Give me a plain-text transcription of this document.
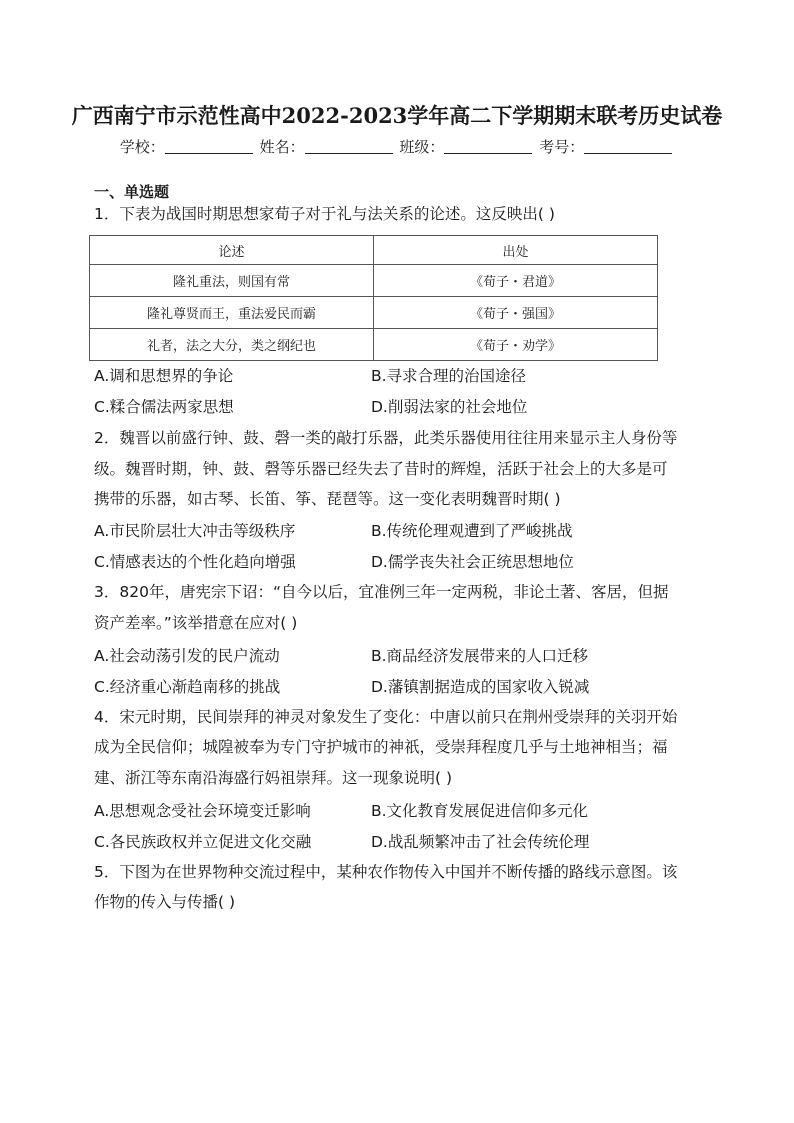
广西南宁市示范性高中2022-2023学年高二下学期期末联考历史试卷
学校：	姓名：	班级：	考号：
一、单选题
1．下表为战国时期思想家荀子对于礼与法关系的论述。这反映出( )
论述	出处
隆礼重法，则国有常	《荀子・君道》
隆礼尊贤而王，重法爱民而霸	《荀子・强国》
礼者，法之大分，类之纲纪也	《荀子・劝学》
A.调和思想界的争论	B.寻求合理的治国途径
C.糅合儒法两家思想	D.削弱法家的社会地位
2．魏晋以前盛行钟、鼓、磬一类的敲打乐器，此类乐器使用往往用来显示主人身份等
级。魏晋时期，钟、鼓、磬等乐器已经失去了昔时的辉煌，活跃于社会上的大多是可
携带的乐器，如古琴、长笛、筝、琵琶等。这一变化表明魏晋时期( )
A.市民阶层壮大冲击等级秩序	B.传统伦理观遭到了严峻挑战
C.情感表达的个性化趋向增强	D.儒学丧失社会正统思想地位
3．820年，唐宪宗下诏：“自今以后，宜准例三年一定两税，非论土著、客居，但据
资产差率。”该举措意在应对( )
A.社会动荡引发的民户流动	B.商品经济发展带来的人口迁移
C.经济重心渐趋南移的挑战	D.藩镇割据造成的国家收入锐减
4．宋元时期，民间崇拜的神灵对象发生了变化：中唐以前只在荆州受崇拜的关羽开始
成为全民信仰；城隍被奉为专门守护城市的神祇，受崇拜程度几乎与土地神相当；福
建、浙江等东南沿海盛行妈祖崇拜。这一现象说明( )
A.思想观念受社会环境变迁影响	B.文化教育发展促进信仰多元化
C.各民族政权并立促进文化交融	D.战乱频繁冲击了社会传统伦理
5．下图为在世界物种交流过程中，某种农作物传入中国并不断传播的路线示意图。该
作物的传入与传播( )
